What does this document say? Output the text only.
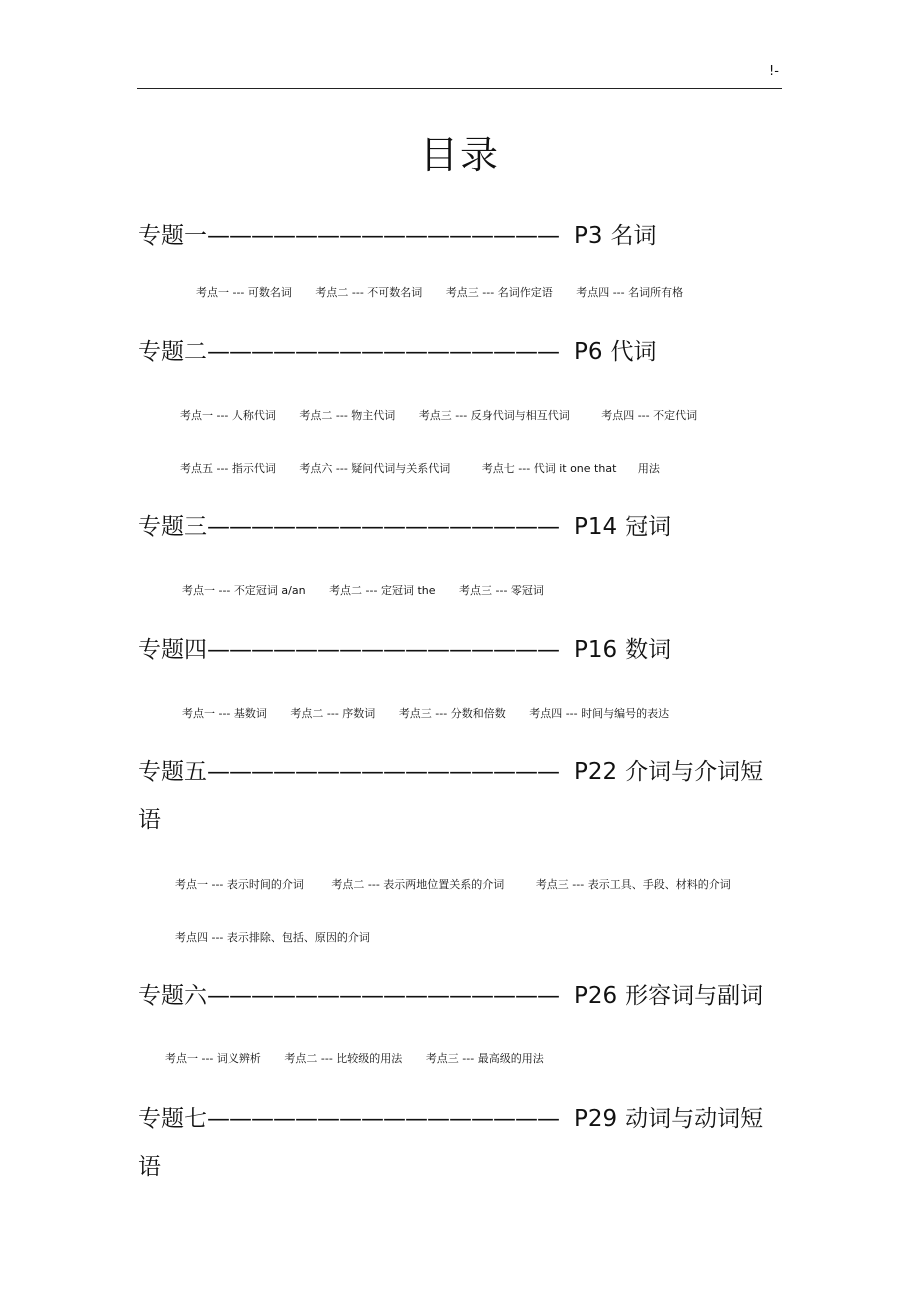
!-
目录
专题一———————————————— P3 名词
考点一 --- 可数名词 考点二 --- 不可数名词 考点三 --- 名词作定语 考点四 --- 名词所有格
专题二———————————————— P6 代词
考点一 --- 人称代词 考点二 --- 物主代词 考点三 --- 反身代词与相互代词	考点四 --- 不定代词
考点五 --- 指示代词 考点六 --- 疑问代词与关系代词	考点七 --- 代词 it one that 用法
专题三———————————————— P14 冠词
考点一 --- 不定冠词 a/an 考点二 --- 定冠词 the 考点三 --- 零冠词
专题四———————————————— P16 数词
考点一 --- 基数词 考点二 --- 序数词 考点三 --- 分数和倍数 考点四 --- 时间与编号的表达
专题五———————————————— P22 介词与介词短
语
考点一 --- 表示时间的介词	考点二 --- 表示两地位置关系的介词	考点三 --- 表示工具、手段、材料的介词
考点四 --- 表示排除、包括、原因的介词
专题六———————————————— P26 形容词与副词
考点一 --- 词义辨析 考点二 --- 比较级的用法 考点三 --- 最高级的用法
专题七———————————————— P29 动词与动词短
语
